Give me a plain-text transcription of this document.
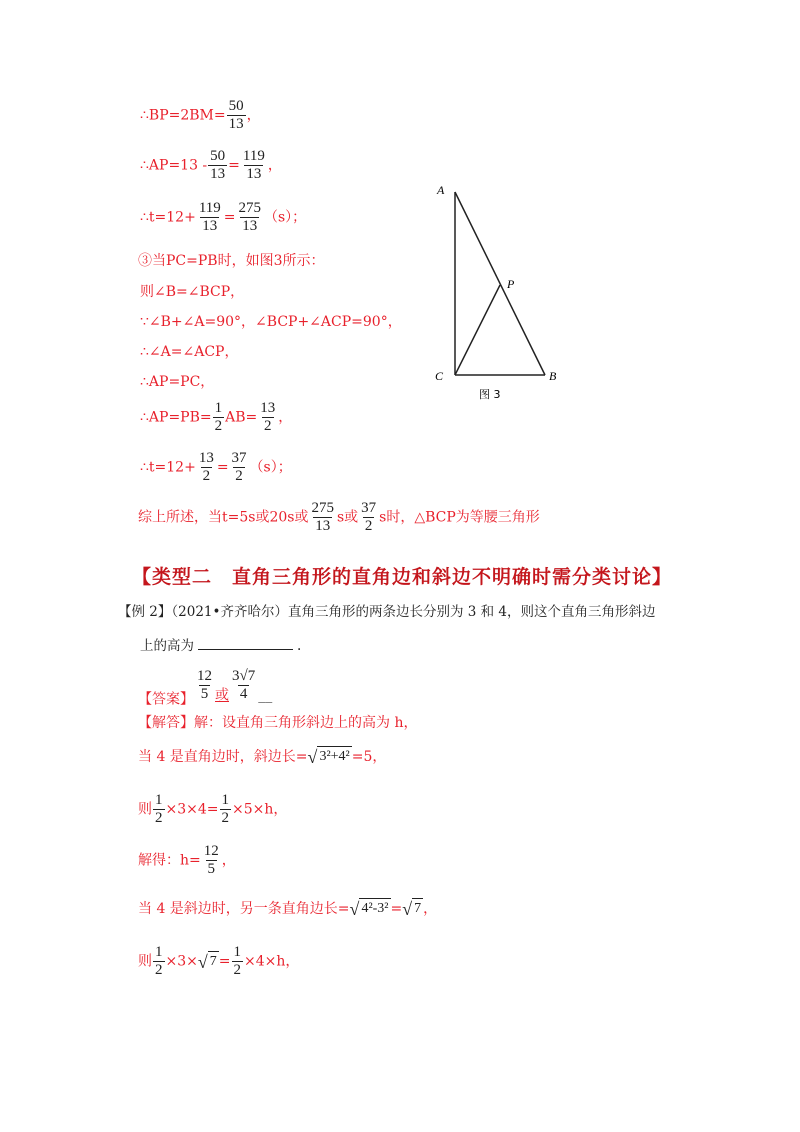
∴BP=2BM= $\frac{50}{13}$ ，
∴AP=13 - $\frac{50}{13} = \frac{119}{13}$ ，
∴t=12+ $\frac{119}{13} = \frac{275}{13} (s)$；
③当PC=PB时，如图3所示：
则∠B=∠BCP，
∵∠B+∠A=90°，∠BCP+∠ACP=90°，
∴∠A=∠ACP，
∴AP=PC，
∴AP=PB= $\frac{1}{2} AB= \frac{13}{2}$ ，
∴t=12+ $\frac{13}{2} = \frac{37}{2} (s)$；
综上所述，当t=5s或20s或 $\frac{275}{13}$ s或 $\frac{37}{2}$ s时，△BCP为等腰三角形
A
P
C	B
图 3
【类型二　直角三角形的直角边和斜边不明确时需分类讨论】
【例 2】（2021•齐齐哈尔）直角三角形的两条边长分别为 3 和 4，则这个直角三角形斜边
上的高为	.
【答案】 $\frac{12}{5}$ 或 $\frac{3√7}{4}$ __
【解答】解：设直角三角形斜边上的高为 h，
当 4 是直角边时，斜边长= √ 3²+4² =5，
则 $\frac{1}{2} \times 3\times 4= \frac{1}{2} \times 5\times h$，
解得：$h= \frac{12}{5}$ ，
当 4 是斜边时，另一条直角边长= √ 4²-3² = √ 7 ，
则 $\frac{1}{2} \times 3\times$ √ $7 = \frac{1}{2} \times 4\times h$，
